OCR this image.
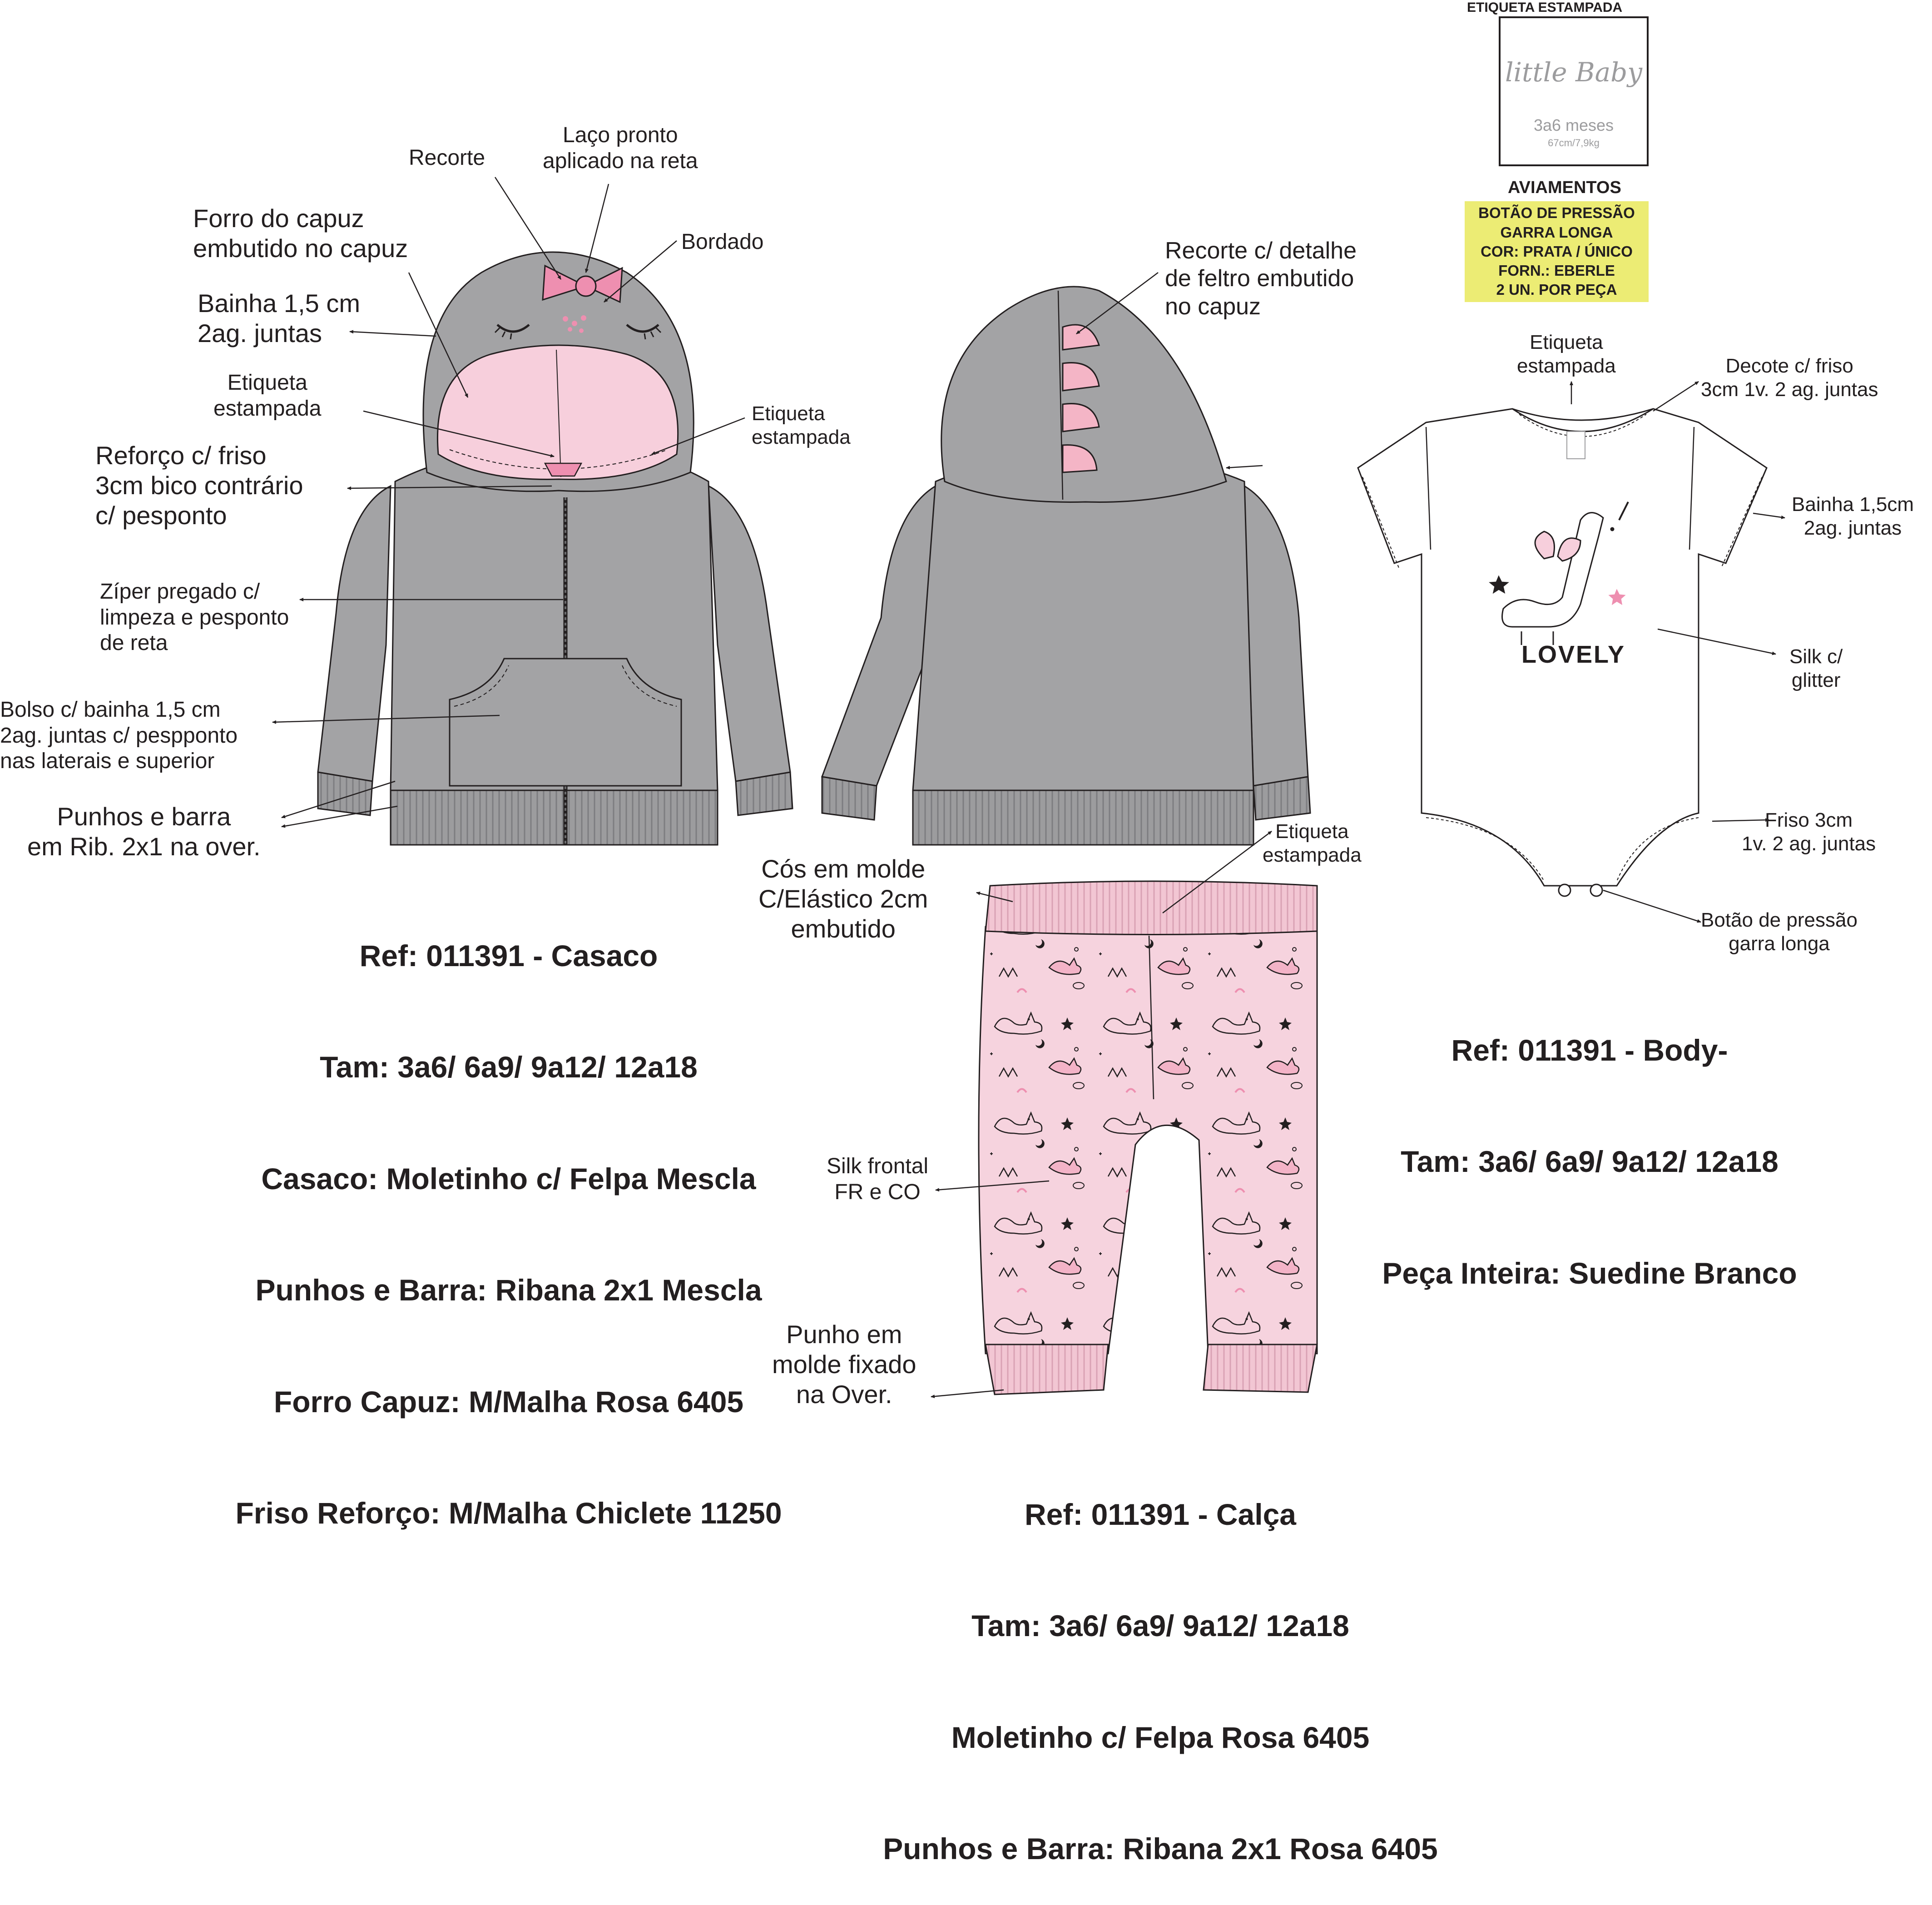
Recorte
Laço pronto
aplicado na reta
Forro do capuz
embutido no capuz	Bordado
Bainha 1,5 cm
2ag. juntas
Etiqueta
estampada	Etiqueta
estampada
Reforço c/ friso
3cm bico contrário
c/ pesponto
Zíper pregado c/
limpeza e pesponto
de reta
Bolso c/ bainha 1,5 cm
2ag. juntas c/ pespponto
nas laterais e superior
Punhos e barra
em Rib. 2x1 na over.
Recorte c/ detalhe
de feltro embutido
no capuz

Ref: 011391 - Casaco

Tam: 3a6/ 6a9/ 9a12/ 12a18

Casaco: Moletinho c/ Felpa Mescla

Punhos e Barra: Ribana 2x1 Mescla

Forro Capuz: M/Malha Rosa 6405

Friso Reforço: M/Malha Chiclete 11250

ETIQUETA ESTAMPADA
little Baby
3a6 meses
67cm/7,9kg
AVIAMENTOS
BOTÃO DE PRESSÃO
GARRA LONGA
COR: PRATA / ÚNICO
FORN.: EBERLE
2 UN. POR PEÇA
Etiqueta
estampada	Decote c/ friso
3cm 1v. 2 ag. juntas
Bainha 1,5cm
2ag. juntas
Silk c/
glitter
Friso 3cm
1v. 2 ag. juntas
Botão de pressão
garra longa
LOVELY

Ref: 011391 - Body-

Tam: 3a6/ 6a9/ 9a12/ 12a18

Peça Inteira: Suedine Branco

Etiqueta
estampada
Cós em molde
C/Elástico 2cm
embutido
Silk frontal
FR e CO
Punho em
molde fixado
na Over.

Ref: 011391 - Calça

Tam: 3a6/ 6a9/ 9a12/ 12a18

Moletinho c/ Felpa Rosa 6405

Punhos e Barra: Ribana 2x1 Rosa 6405
